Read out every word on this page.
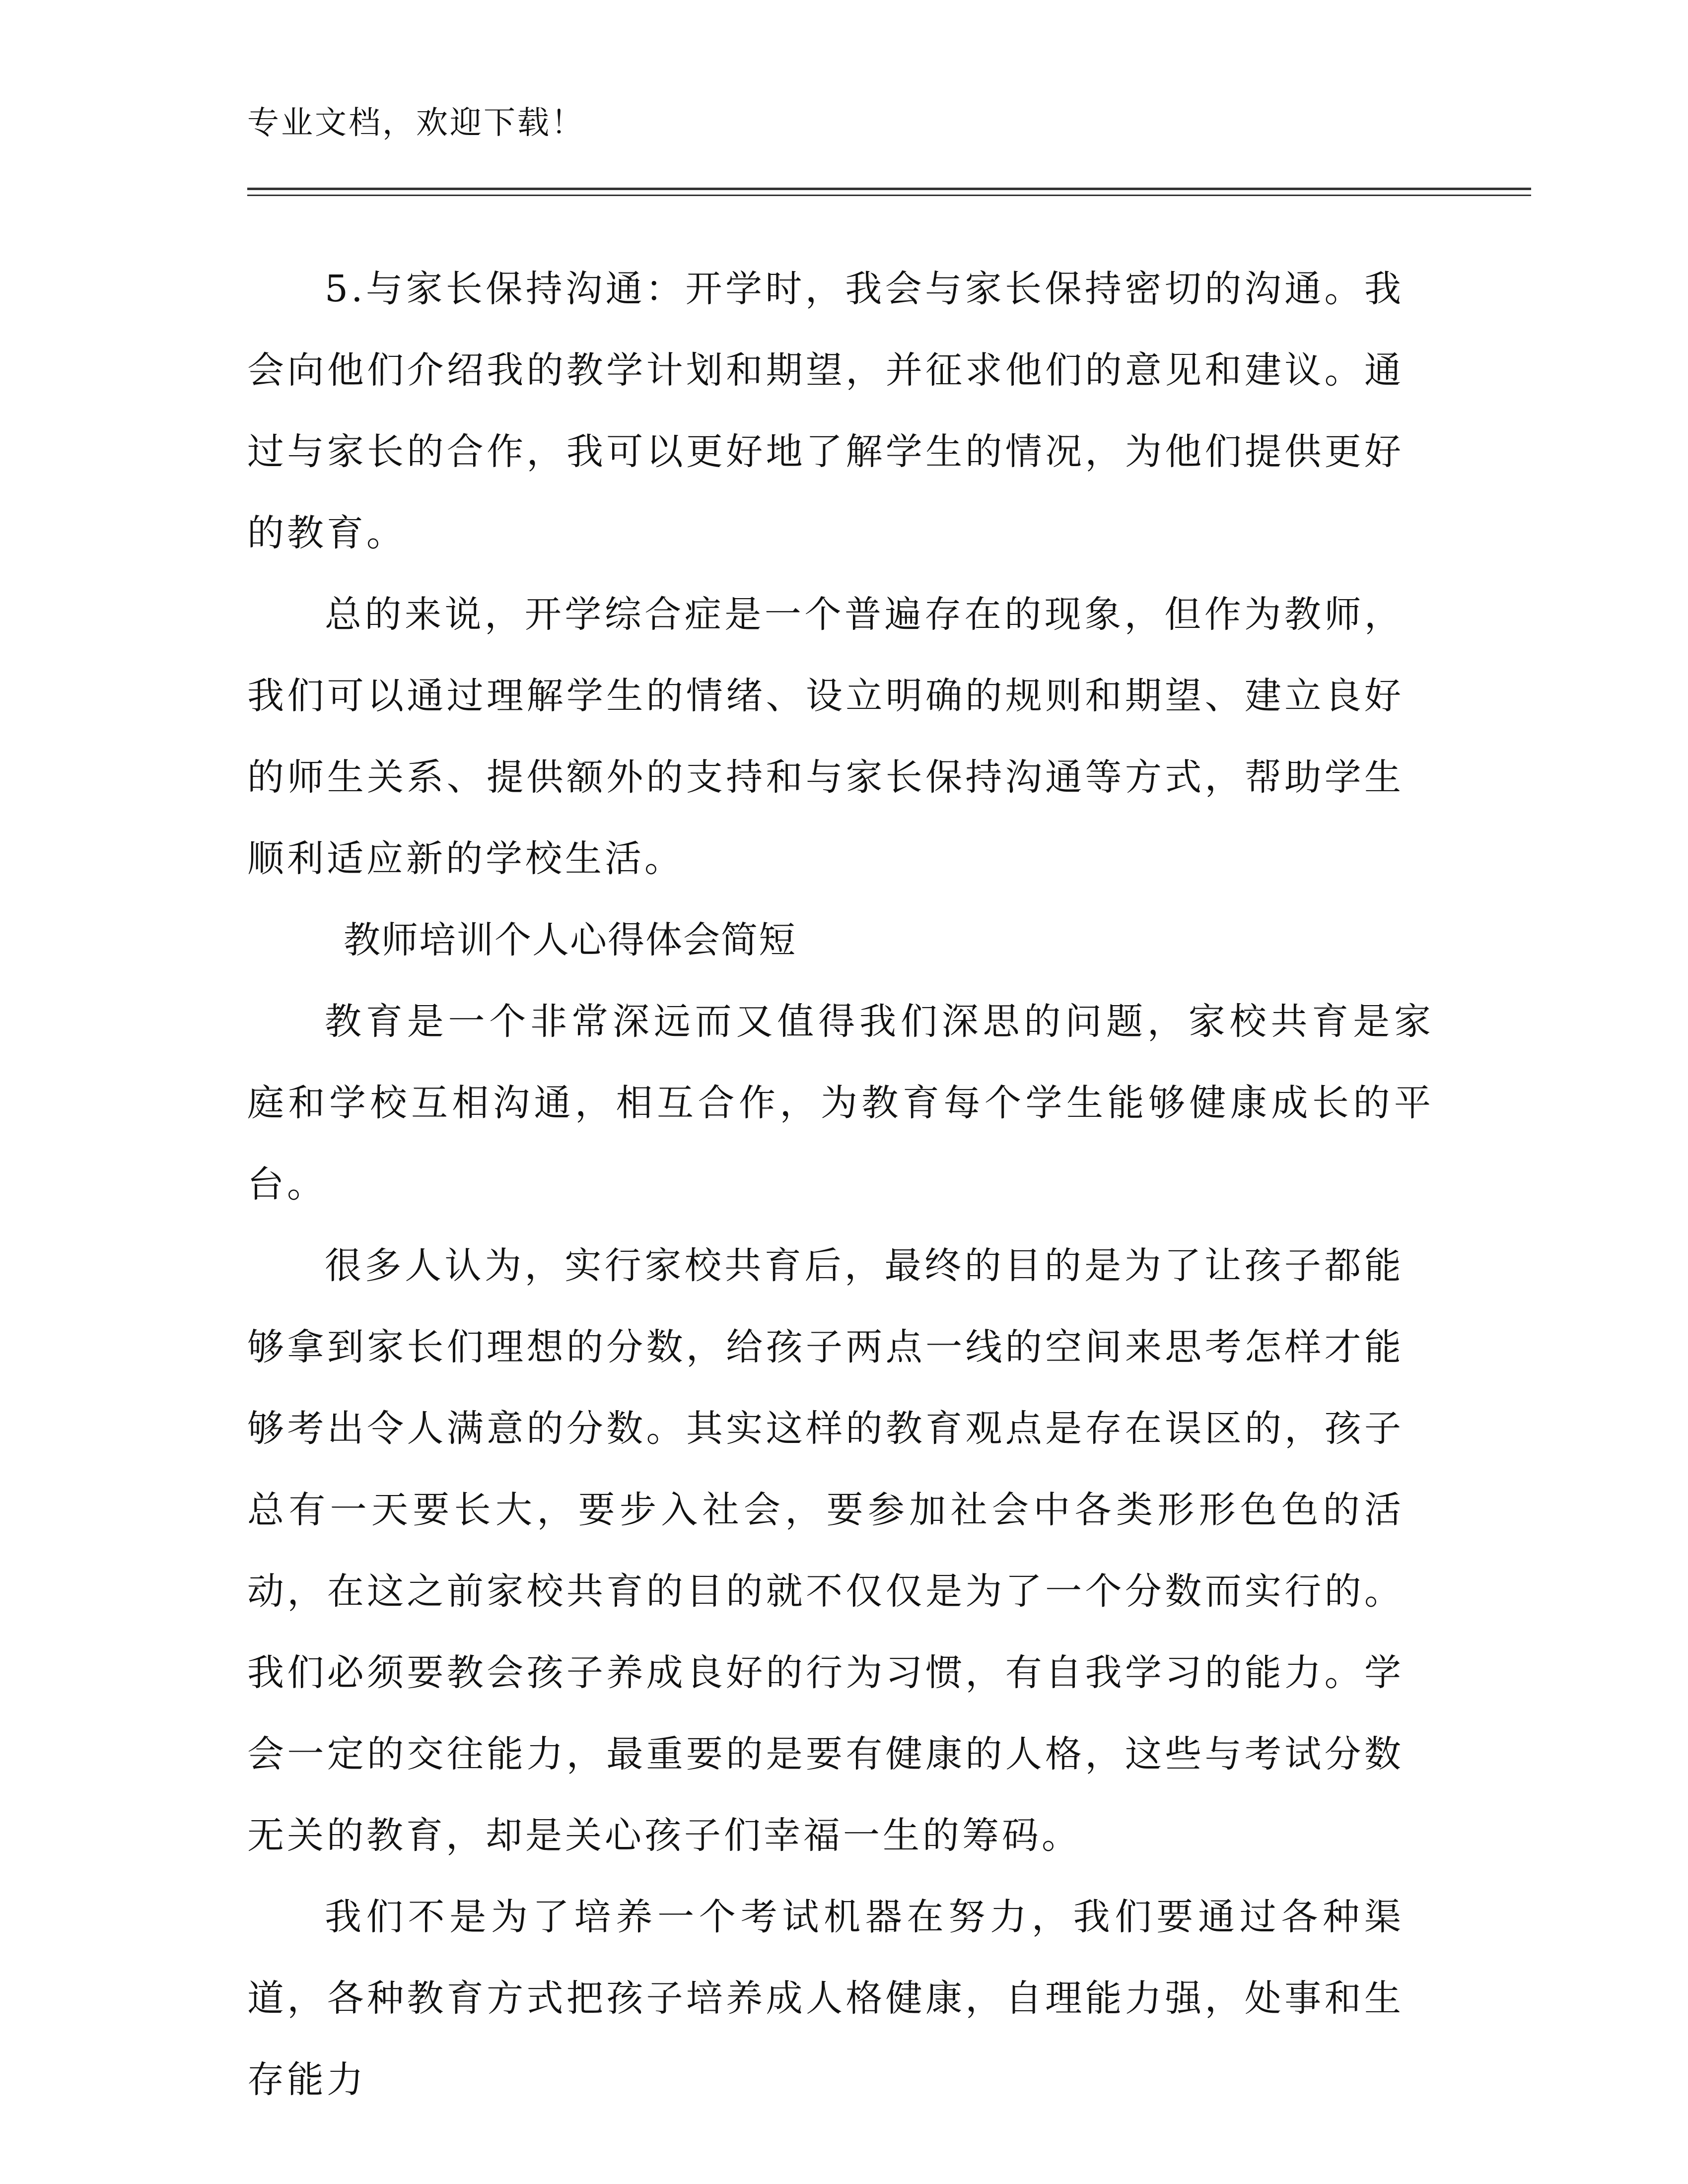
专业文档，欢迎下载！

5.与家长保持沟通：开学时，我会与家长保持密切的沟通。我会向他们介绍我的教学计划和期望，并征求他们的意见和建议。通过与家长的合作，我可以更好地了解学生的情况，为他们提供更好的教育。

总的来说，开学综合症是一个普遍存在的现象，但作为教师，我们可以通过理解学生的情绪、设立明确的规则和期望、建立良好的师生关系、提供额外的支持和与家长保持沟通等方式，帮助学生顺利适应新的学校生活。

教师培训个人心得体会简短

教育是一个非常深远而又值得我们深思的问题，家校共育是家庭和学校互相沟通，相互合作，为教育每个学生能够健康成长的平台。

很多人认为，实行家校共育后，最终的目的是为了让孩子都能够拿到家长们理想的分数，给孩子两点一线的空间来思考怎样才能够考出令人满意的分数。其实这样的教育观点是存在误区的，孩子总有一天要长大，要步入社会，要参加社会中各类形形色色的活动，在这之前家校共育的目的就不仅仅是为了一个分数而实行的。我们必须要教会孩子养成良好的行为习惯，有自我学习的能力。学会一定的交往能力，最重要的是要有健康的人格，这些与考试分数无关的教育，却是关心孩子们幸福一生的筹码。

我们不是为了培养一个考试机器在努力，我们要通过各种渠道，各种教育方式把孩子培养成人格健康，自理能力强，处事和生存能力
